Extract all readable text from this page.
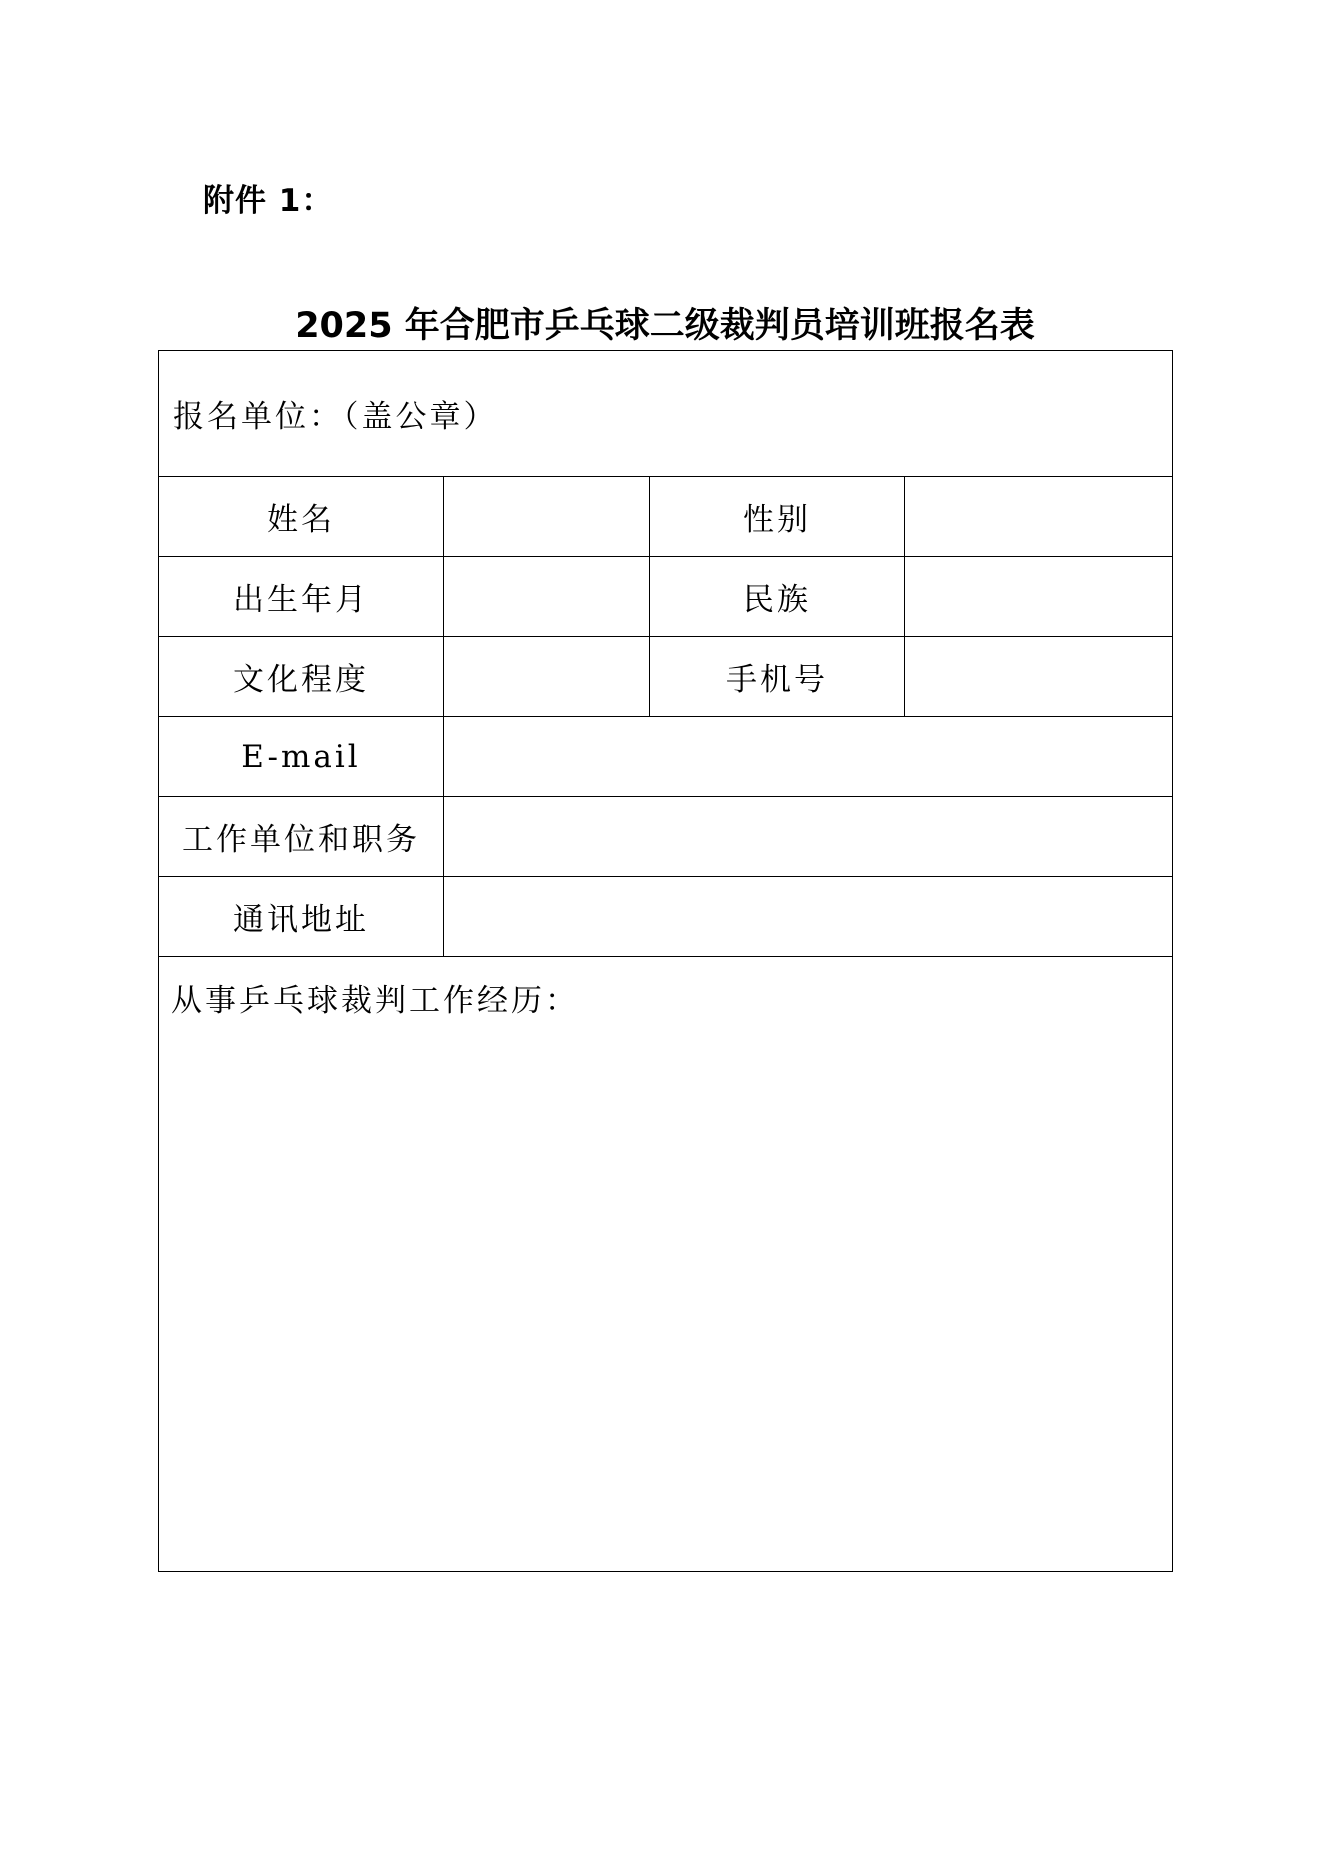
附件 1：
2025 年合肥市乒乓球二级裁判员培训班报名表
报名单位：（盖公章）			
姓名		性别	
出生年月		民族	
文化程度		手机号	
E-mail			
工作单位和职务			
通讯地址			
从事乒乓球裁判工作经历：			
